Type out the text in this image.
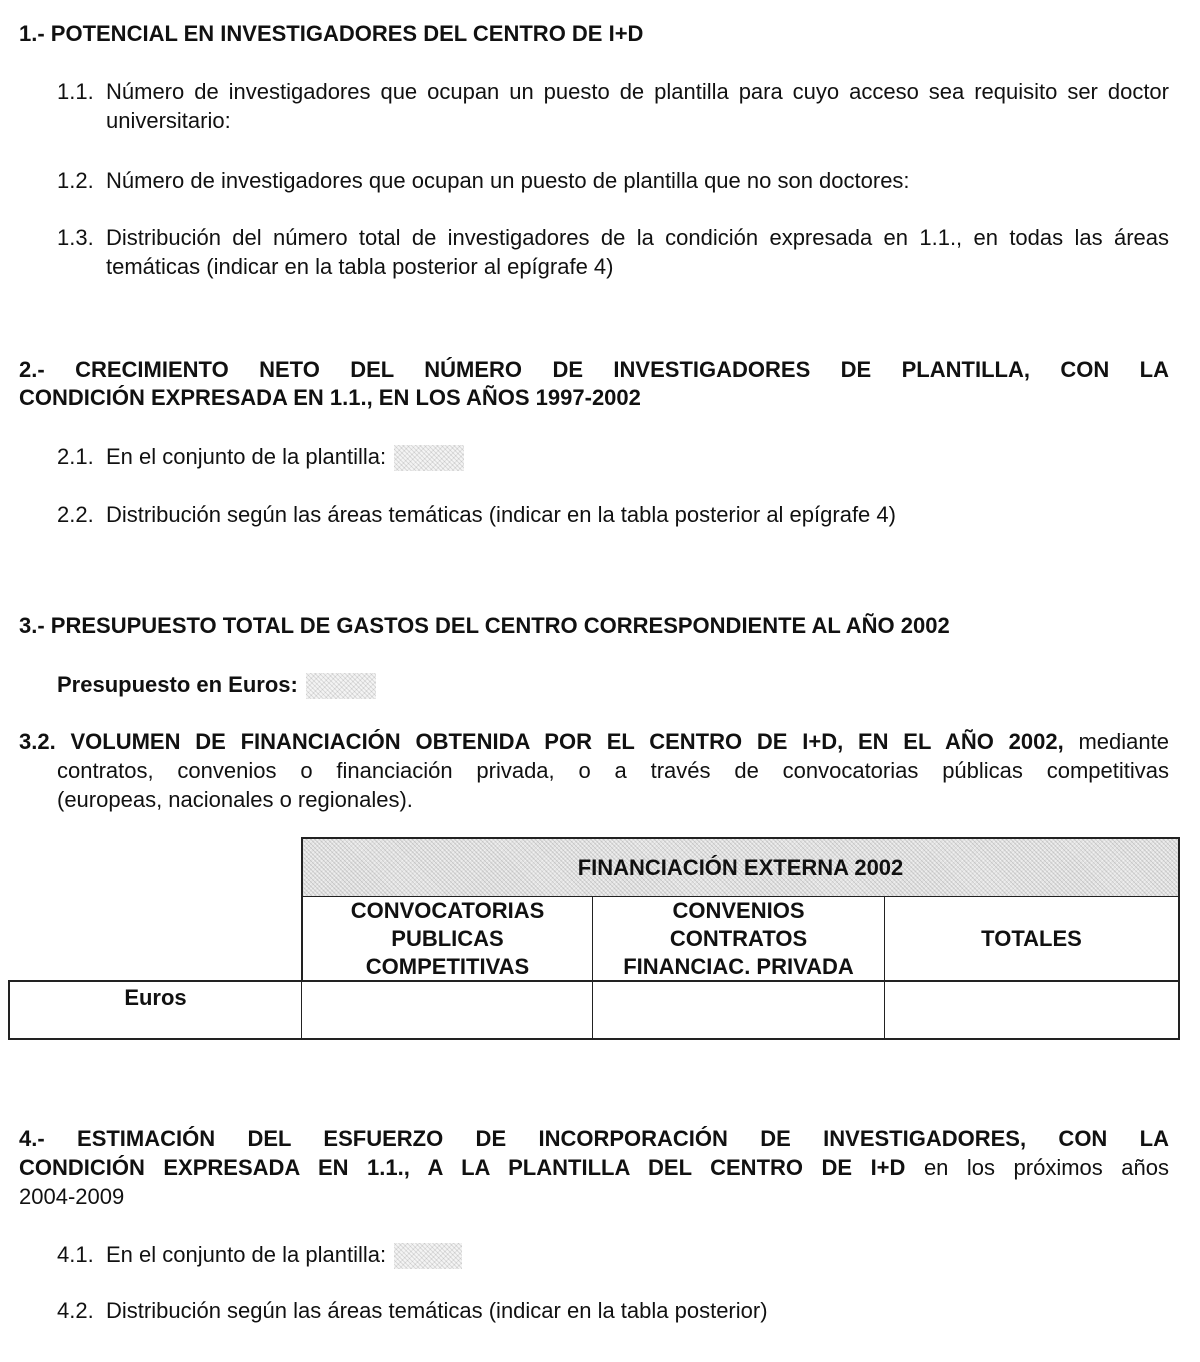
1.- POTENCIAL EN INVESTIGADORES DEL CENTRO DE I+D
1.1. Número de investigadores que ocupan un puesto de plantilla para cuyo acceso sea requisito ser doctor universitario:
1.2. Número de investigadores que ocupan un puesto de plantilla que no son doctores:
1.3. Distribución del número total de investigadores de la condición expresada en 1.1., en todas las áreas temáticas (indicar en la tabla posterior al epígrafe 4)
2.- CRECIMIENTO NETO DEL NÚMERO DE INVESTIGADORES DE PLANTILLA, CON LA
CONDICIÓN EXPRESADA EN 1.1., EN LOS AÑOS 1997-2002
2.1. En el conjunto de la plantilla:
2.2. Distribución según las áreas temáticas (indicar en la tabla posterior al epígrafe 4)
3.- PRESUPUESTO TOTAL DE GASTOS DEL CENTRO CORRESPONDIENTE AL AÑO 2002
Presupuesto en Euros:
3.2. VOLUMEN DE FINANCIACIÓN OBTENIDA POR EL CENTRO DE I+D, EN EL AÑO 2002, mediante
contratos, convenios o financiación privada, o a través de convocatorias públicas competitivas
(europeas, nacionales o regionales).
FINANCIACIÓN EXTERNA 2002
CONVOCATORIAS
PUBLICAS
COMPETITIVAS
CONVENIOS
CONTRATOS
FINANCIAC. PRIVADA
TOTALES
Euros
4.- ESTIMACIÓN DEL ESFUERZO DE INCORPORACIÓN DE INVESTIGADORES, CON LA
CONDICIÓN EXPRESADA EN 1.1., A LA PLANTILLA DEL CENTRO DE I+D en los próximos años
2004-2009
4.1. En el conjunto de la plantilla:
4.2. Distribución según las áreas temáticas (indicar en la tabla posterior)
